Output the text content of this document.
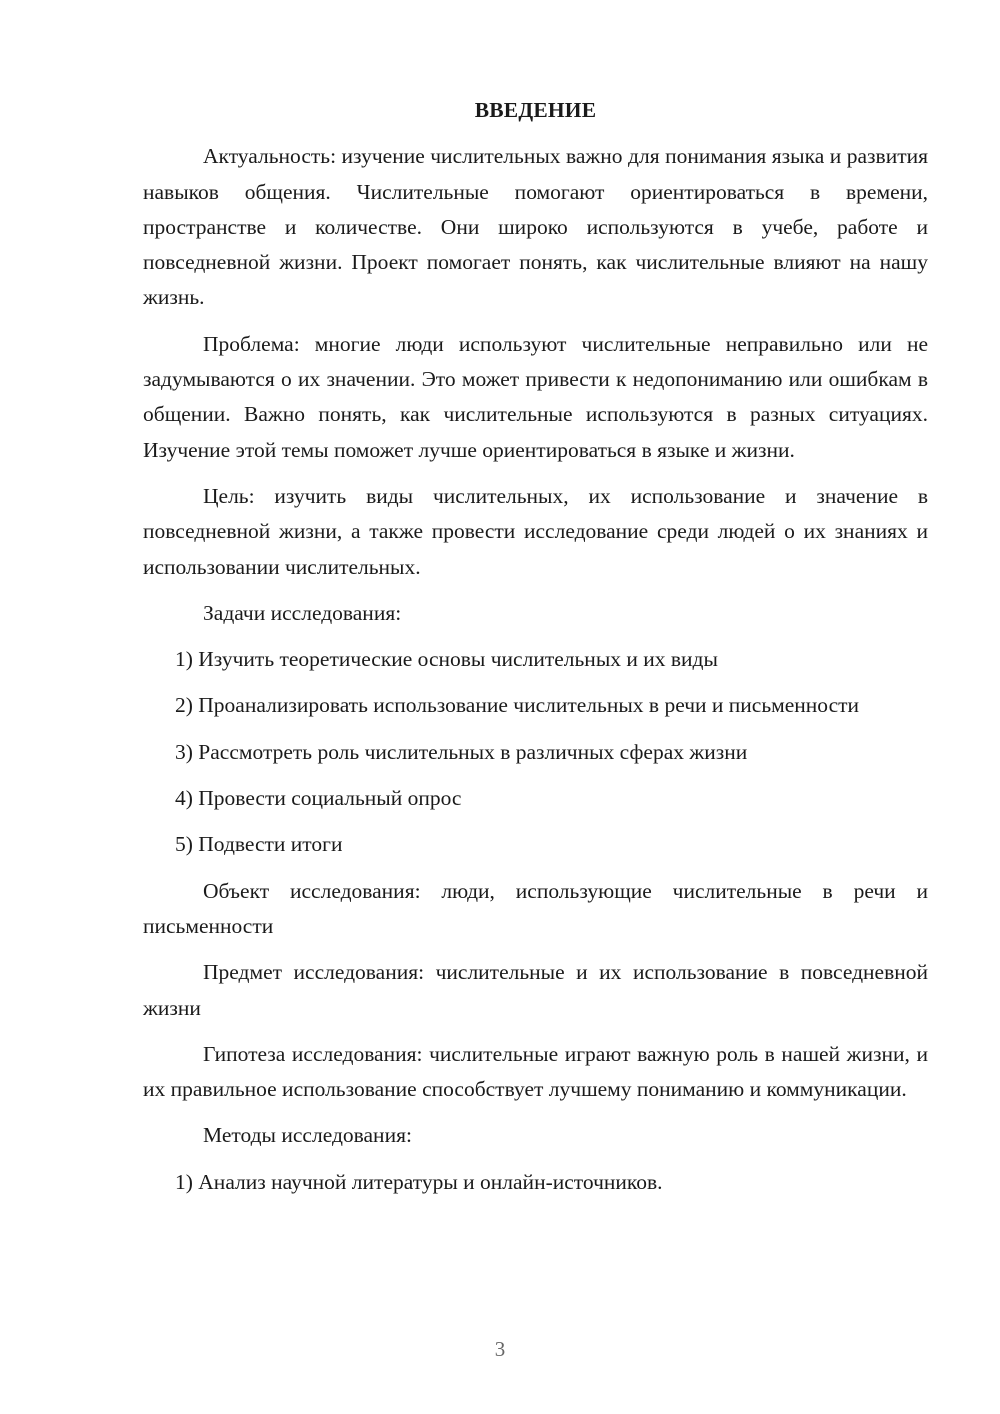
ВВЕДЕНИЕ

Актуальность: изучение числительных важно для понимания языка и развития навыков общения. Числительные помогают ориентироваться в времени, пространстве и количестве. Они широко используются в учебе, работе и повседневной жизни. Проект помогает понять, как числительные влияют на нашу жизнь.

Проблема: многие люди используют числительные неправильно или не задумываются о их значении. Это может привести к недопониманию или ошибкам в общении. Важно понять, как числительные используются в разных ситуациях. Изучение этой темы поможет лучше ориентироваться в языке и жизни.

Цель: изучить виды числительных, их использование и значение в повседневной жизни, а также провести исследование среди людей о их знаниях и использовании числительных.

Задачи исследования:

1) Изучить теоретические основы числительных и их виды

2) Проанализировать использование числительных в речи и письменности

3) Рассмотреть роль числительных в различных сферах жизни

4) Провести социальный опрос

5) Подвести итоги

Объект исследования: люди, использующие числительные в речи и письменности

Предмет исследования: числительные и их использование в повседневной жизни

Гипотеза исследования: числительные играют важную роль в нашей жизни, и их правильное использование способствует лучшему пониманию и коммуникации.

Методы исследования:

1) Анализ научной литературы и онлайн-источников.

3
